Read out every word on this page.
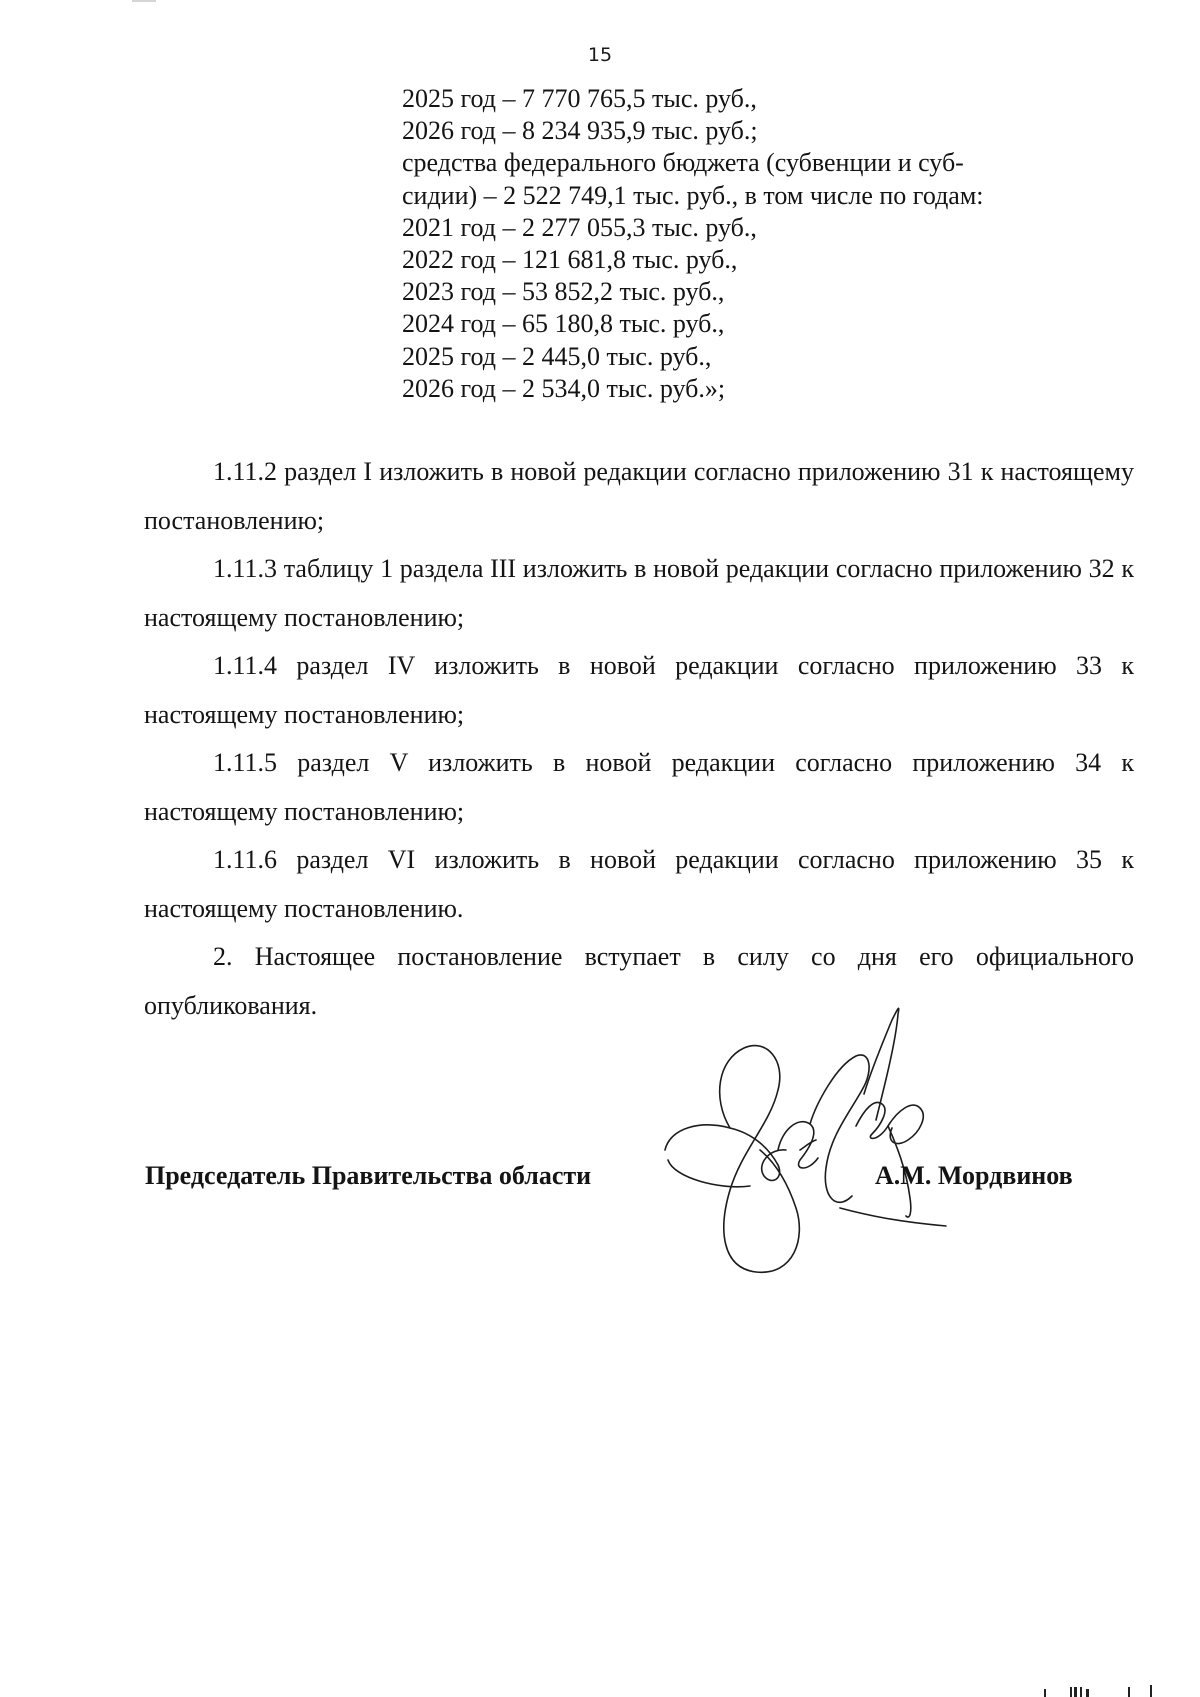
15
2025 год – 7 770 765,5 тыс. руб.,
2026 год – 8 234 935,9 тыс. руб.;
средства федерального бюджета (субвенции и суб-
сидии) – 2 522 749,1 тыс. руб., в том числе по годам:
2021 год – 2 277 055,3 тыс. руб.,
2022 год – 121 681,8 тыс. руб.,
2023 год – 53 852,2 тыс. руб.,
2024 год – 65 180,8 тыс. руб.,
2025 год – 2 445,0 тыс. руб.,
2026 год – 2 534,0 тыс. руб.»;

1.11.2 раздел I изложить в новой редакции согласно приложению 31 к настоящему постановлению;

1.11.3 таблицу 1 раздела III изложить в новой редакции согласно приложению 32 к настоящему постановлению;

1.11.4 раздел IV изложить в новой редакции согласно приложению 33 к настоящему постановлению;

1.11.5 раздел V изложить в новой редакции согласно приложению 34 к настоящему постановлению;

1.11.6 раздел VI изложить в новой редакции согласно приложению 35 к настоящему постановлению.

2. Настоящее постановление вступает в силу со дня его официального опубликования.

Председатель Правительства области	А.М. Мордвинов
